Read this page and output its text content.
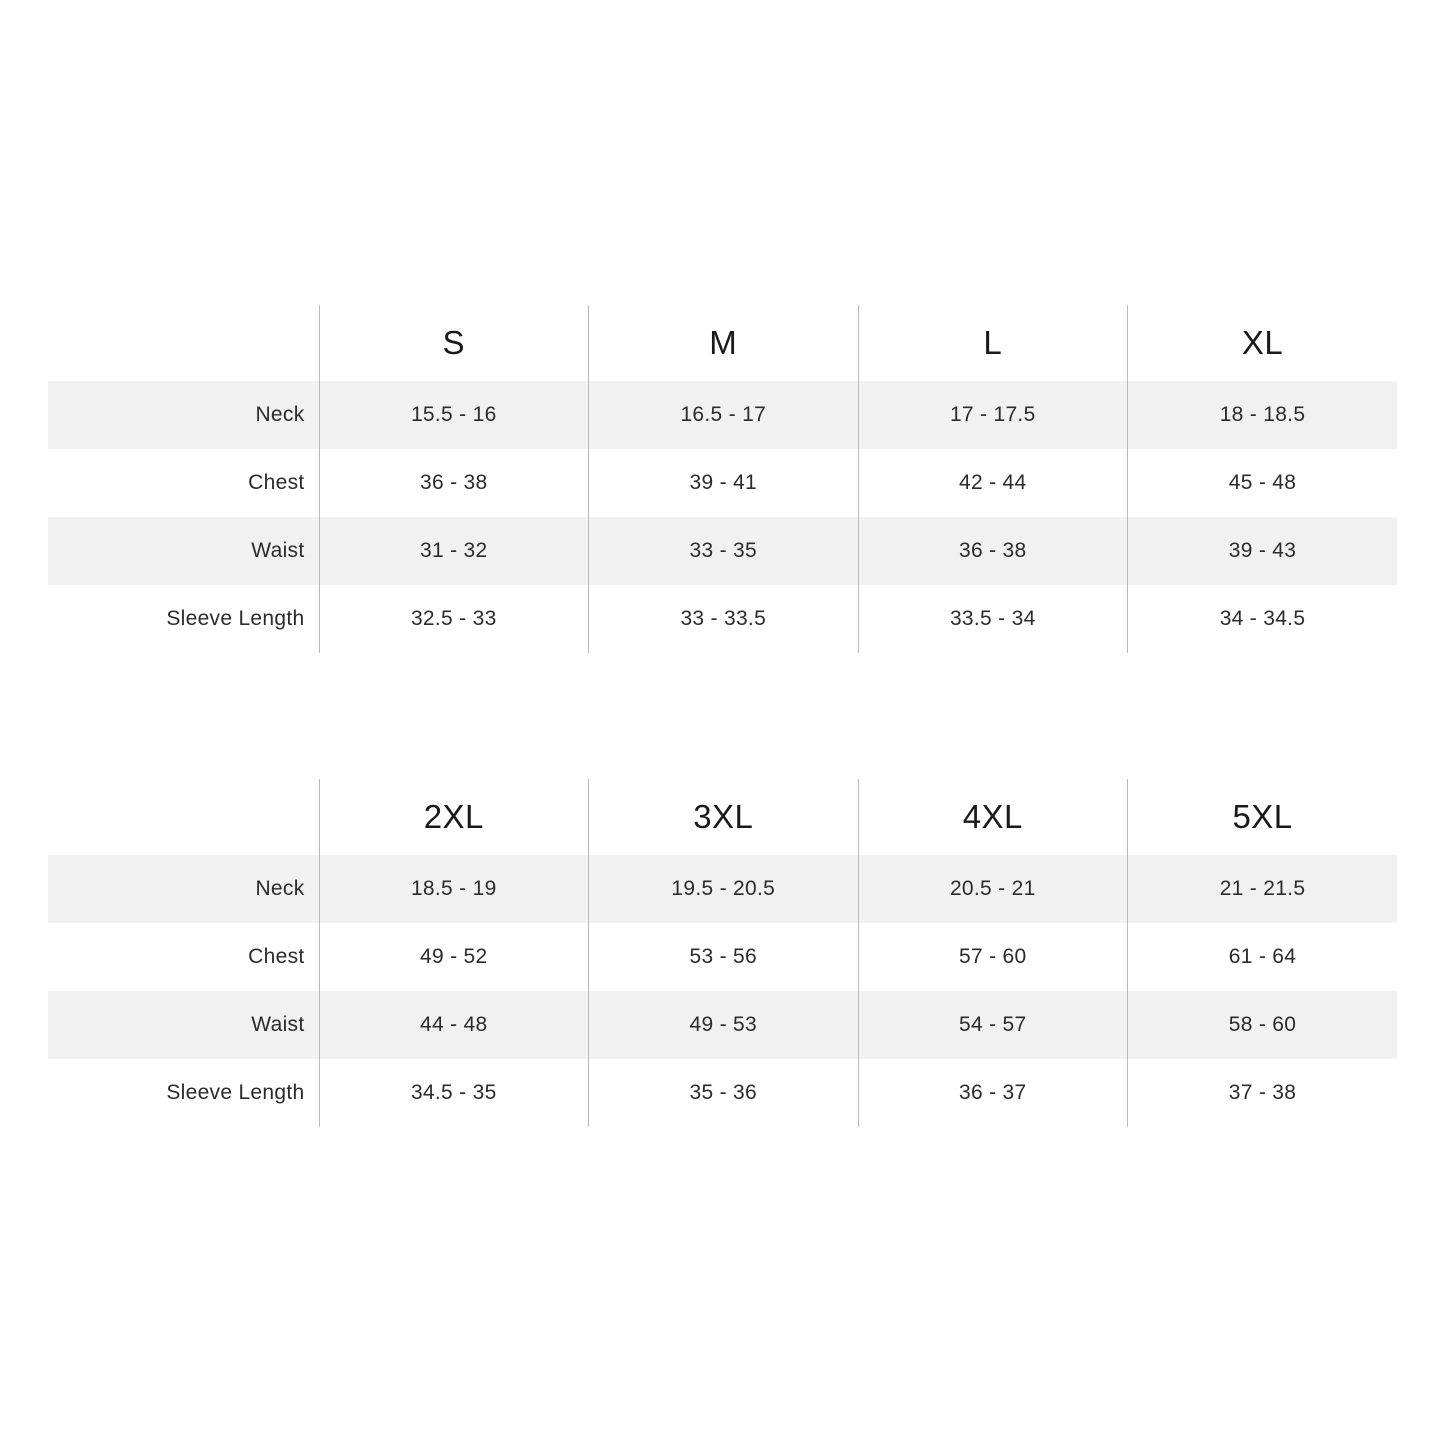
	S	M	L	XL
Neck	15.5 - 16	16.5 - 17	17 - 17.5	18 - 18.5
Chest	36 - 38	39 - 41	42 - 44	45 - 48
Waist	31 - 32	33 - 35	36 - 38	39 - 43
Sleeve Length	32.5 - 33	33 - 33.5	33.5 - 34	34 - 34.5
	2XL	3XL	4XL	5XL
Neck	18.5 - 19	19.5 - 20.5	20.5 - 21	21 - 21.5
Chest	49 - 52	53 - 56	57 - 60	61 - 64
Waist	44 - 48	49 - 53	54 - 57	58 - 60
Sleeve Length	34.5 - 35	35 - 36	36 - 37	37 - 38
